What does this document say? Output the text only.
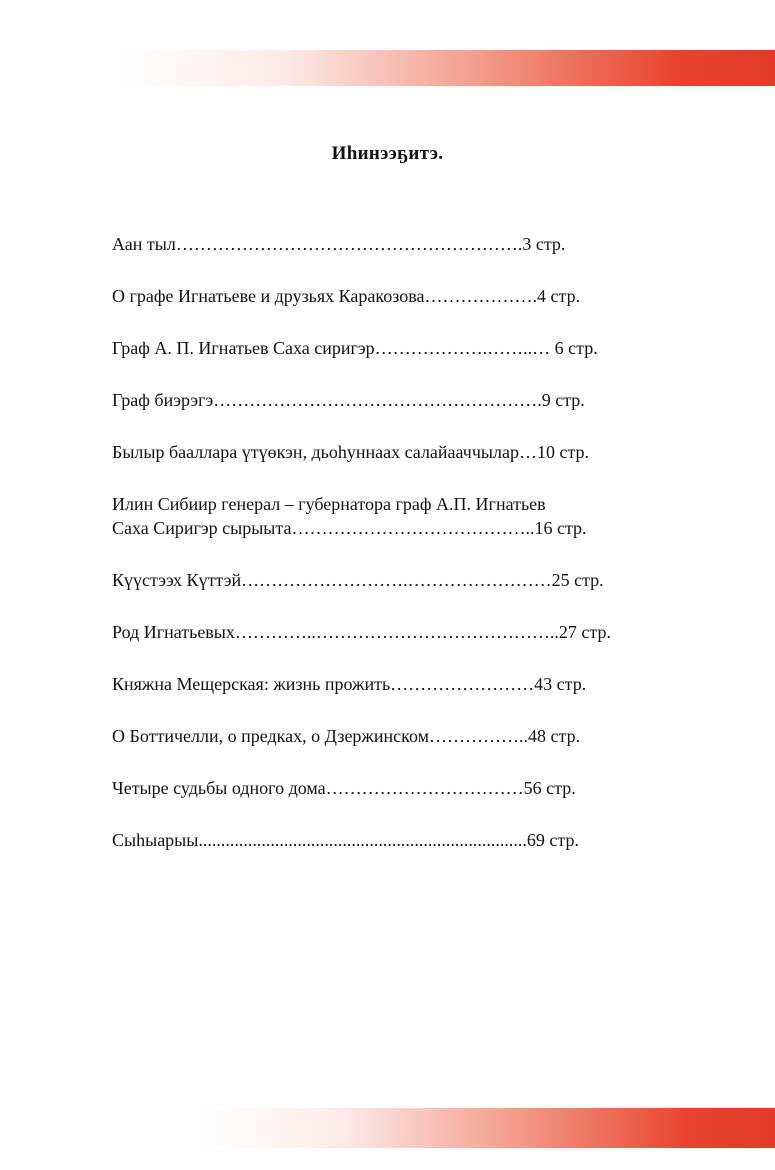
Иhинээҕитэ.
Аан тыл………………………………………………….3 стр.
О графе Игнатьеве и друзьях Каракозова……………….4 стр.
Граф А. П. Игнатьев Саха сиригэр……………….……..… 6 стр.
Граф биэрэгэ……………………………………………….9 стр.
Былыр бааллара үтүөкэн, дьоһуннаах салайааччылар…10 стр.
Илин Сибиир генерал – губернатора граф А.П. Игнатьев
Саха Сиригэр сырыыта…………………………………..16 стр.
Күүстээх Күттэй……………………….……………………25 стр.
Род Игнатьевых…………..…………………………………..27 стр.
Княжна Мещерская: жизнь прожить……………………43 стр.
О Боттичелли, о предках, о Дзержинском……………..48 стр.
Четыре судьбы одного дома……………………………56 стр.
Сыhыарыы.........................................................................69 стр.
